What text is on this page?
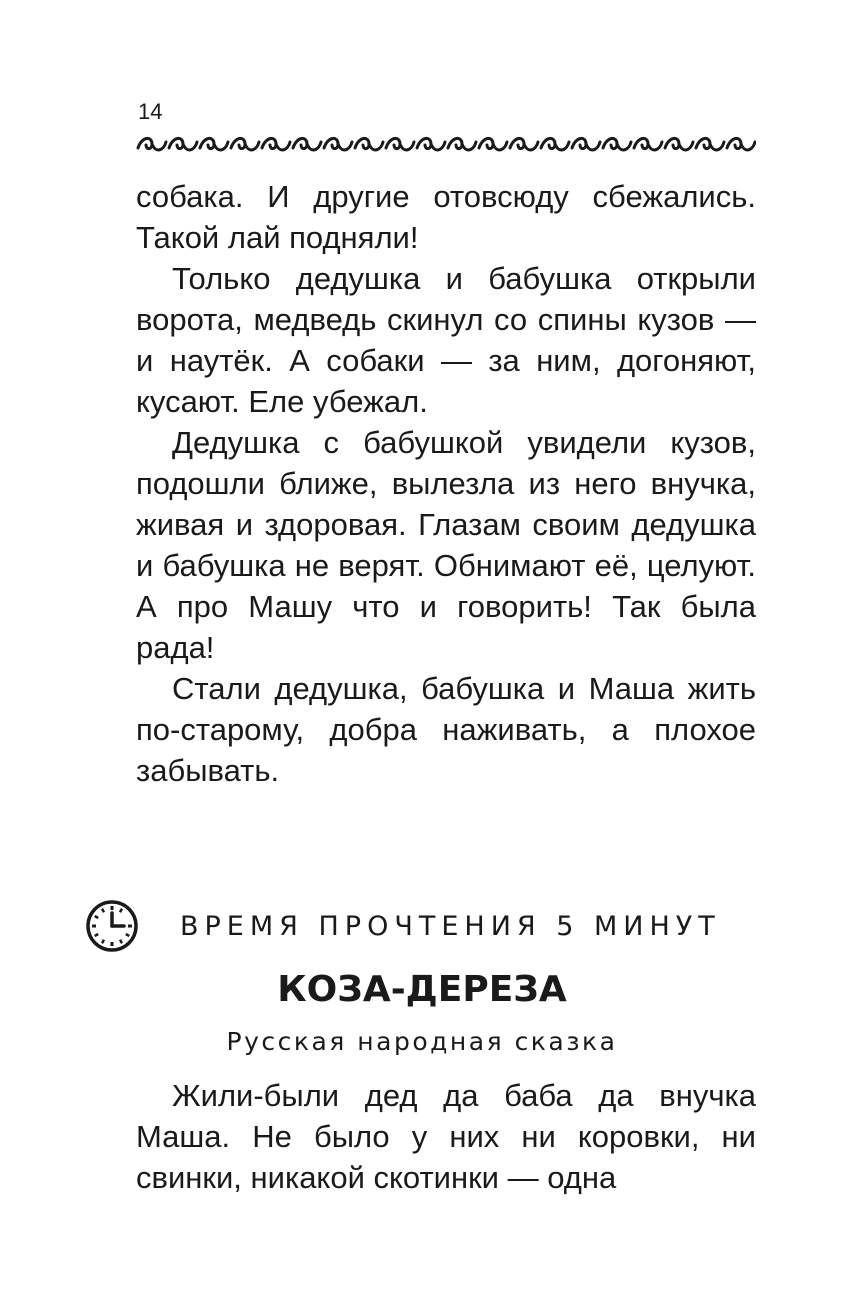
14

собака. И другие отовсюду сбежались. Такой лай подняли!

Только дедушка и бабушка открыли ворота, медведь скинул со спины кузов — и наутёк. А собаки — за ним, догоняют, кусают. Еле убежал.

Дедушка с бабушкой увидели кузов, подошли ближе, вылезла из него внучка, живая и здоровая. Глазам своим дедушка и бабушка не верят. Обнимают её, целуют. А про Машу что и говорить! Так была рада!

Стали дедушка, бабушка и Маша жить по-старому, добра наживать, а плохое забывать.

ВРЕМЯ ПРОЧТЕНИЯ 5 МИНУТ
КОЗА-ДЕРЕЗА
Русская народная сказка

Жили-были дед да баба да внучка Маша. Не было у них ни коровки, ни свинки, никакой скотинки — одна
